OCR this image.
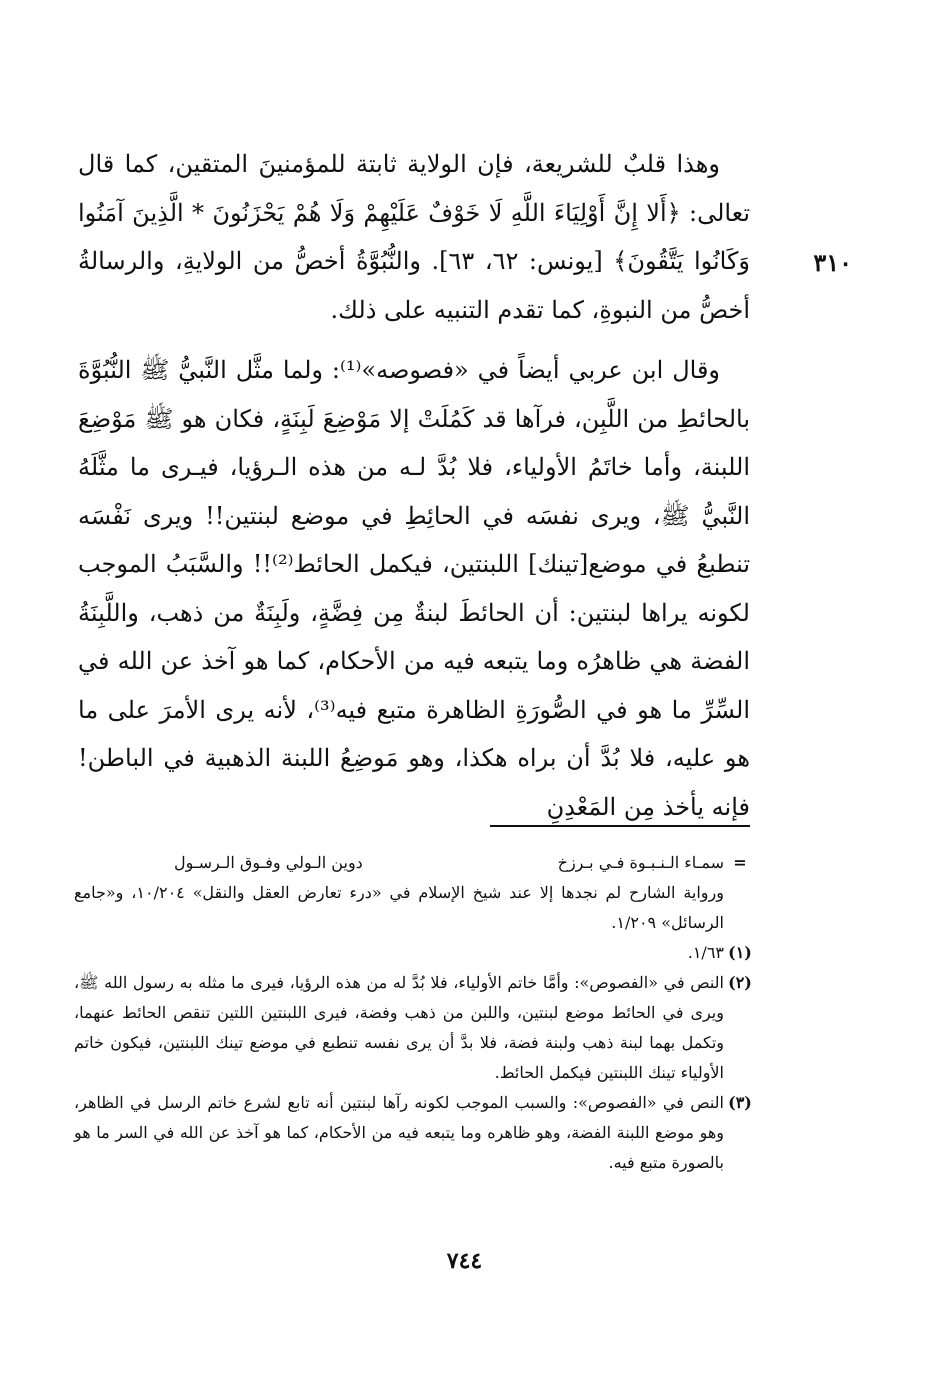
٣١٠

وهذا قلبٌ للشريعة، فإن الولاية ثابتة للمؤمنينَ المتقين، كما قال تعالى: ﴿أَلا إِنَّ أَوْلِيَاءَ اللَّهِ لَا خَوْفٌ عَلَيْهِمْ وَلَا هُمْ يَحْزَنُونَ * الَّذِينَ آمَنُوا وَكَانُوا يَتَّقُونَ﴾ [يونس: ٦٢، ٦٣]. والنُّبُوَّةُ أخصُّ من الولايةِ، والرسالةُ أخصُّ من النبوةِ، كما تقدم التنبيه على ذلك.

وقال ابن عربي أيضاً في «فصوصه»⁽¹⁾: ولما مثَّل النَّبيُّ ﷺ النُّبُوَّةَ بالحائطِ من اللَّبِن، فرآها قد كَمُلَتْ إلا مَوْضِعَ لَبِنَةٍ، فكان هو ﷺ مَوْضِعَ اللبنة، وأما خاتَمُ الأولياء، فلا بُدَّ لـه من هذه الـرؤيا، فيـرى ما مثَّلَهُ النَّبيُّ ﷺ، ويرى نفسَه في الحائِطِ في موضع لبنتين!! ويرى نَفْسَه تنطبعُ في موضع[تينك] اللبنتين، فيكمل الحائط⁽²⁾!! والسَّبَبُ الموجب لكونه يراها لبنتين: أن الحائطَ لبنةٌ مِن فِضَّةٍ، ولَبِنَةٌ من ذهب، واللَّبِنَةُ الفضة هي ظاهرُه وما يتبعه فيه من الأحكام، كما هو آخذ عن الله في السِّرِّ ما هو في الصُّورَةِ الظاهرة متبع فيه⁽³⁾، لأنه يرى الأمرَ على ما هو عليه، فلا بُدَّ أن براه هكذا، وهو مَوضِعُ اللبنة الذهبية في الباطن! فإنه يأخذ مِن المَعْدِنِ

=
سمـاء الـنـبـوة فـي بـرزخ
دوين الـولي وفـوق الـرسـول
ورواية الشارح لم نجدها إلا عند شيخ الإسلام في «درء تعارض العقل والنقل» ١٠/٢٠٤، و«جامع الرسائل» ١/٢٠٩.
(١)
١/٦٣.
(٢)
النص في «الفصوص»: وأمَّا خاتم الأولياء، فلا بُدَّ له من هذه الرؤيا، فيرى ما مثله به رسول الله ﷺ، ويرى في الحائط موضع لبنتين، واللبن من ذهب وفضة، فيرى اللبنتين اللتين تنقص الحائط عنهما، وتكمل بهما لبنة ذهب ولبنة فضة، فلا بدَّ أن يرى نفسه تنطبع في موضع تينك اللبنتين، فيكون خاتم الأولياء تينك اللبنتين فيكمل الحائط.
(٣)
النص في «الفصوص»: والسبب الموجب لكونه رآها لبنتين أنه تابع لشرع خاتم الرسل في الظاهر، وهو موضع اللبنة الفضة، وهو ظاهره وما يتبعه فيه من الأحكام، كما هو آخذ عن الله في السر ما هو بالصورة متبع فيه.
٧٤٤
